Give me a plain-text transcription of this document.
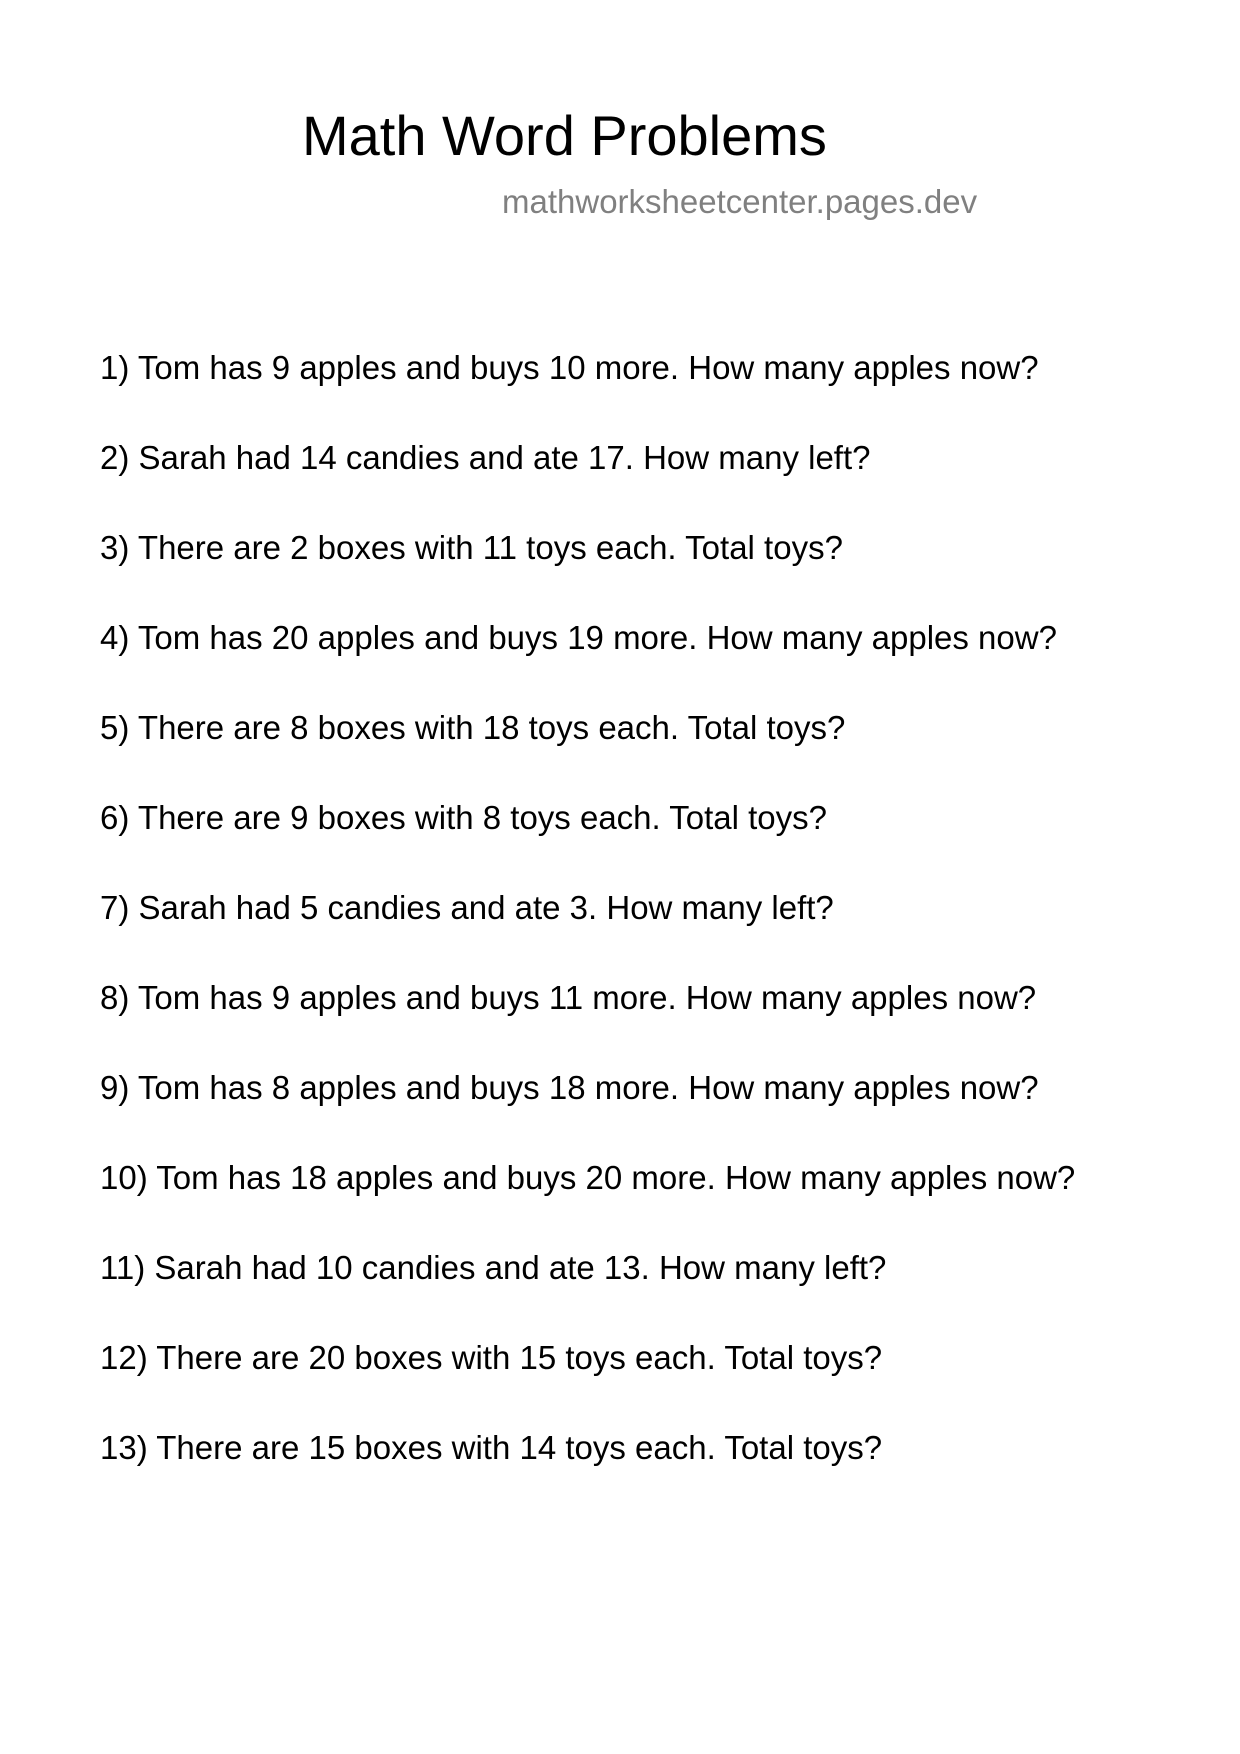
Math Word Problems
mathworksheetcenter.pages.dev
1) Tom has 9 apples and buys 10 more. How many apples now?
2) Sarah had 14 candies and ate 17. How many left?
3) There are 2 boxes with 11 toys each. Total toys?
4) Tom has 20 apples and buys 19 more. How many apples now?
5) There are 8 boxes with 18 toys each. Total toys?
6) There are 9 boxes with 8 toys each. Total toys?
7) Sarah had 5 candies and ate 3. How many left?
8) Tom has 9 apples and buys 11 more. How many apples now?
9) Tom has 8 apples and buys 18 more. How many apples now?
10) Tom has 18 apples and buys 20 more. How many apples now?
11) Sarah had 10 candies and ate 13. How many left?
12) There are 20 boxes with 15 toys each. Total toys?
13) There are 15 boxes with 14 toys each. Total toys?
